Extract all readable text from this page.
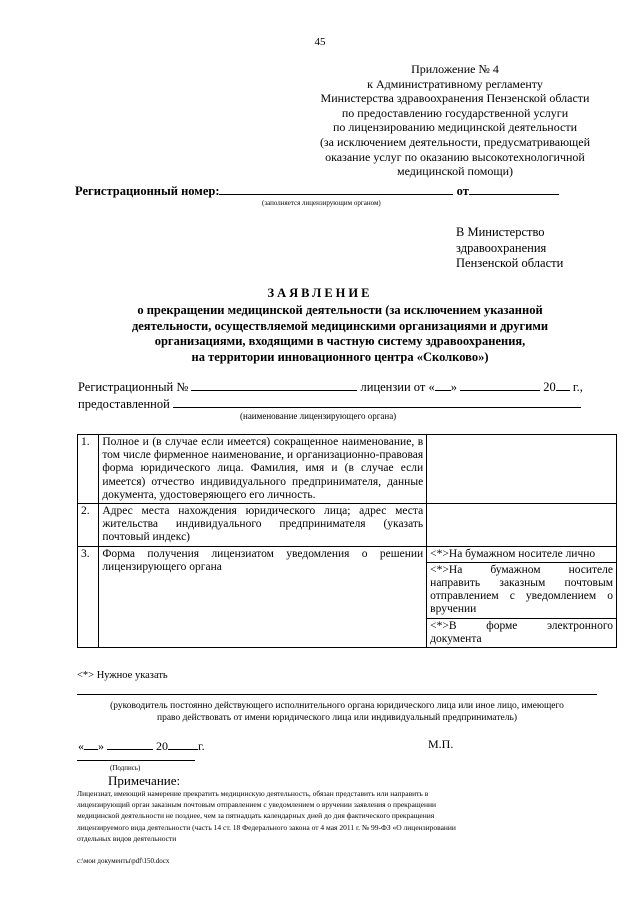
45
Приложение № 4
к Административному регламенту
Министерства здравоохранения Пензенской области
по предоставлению государственной услуги
по лицензированию медицинской деятельности
(за исключением деятельности, предусматривающей
оказание услуг по оказанию высокотехнологичной
медицинской помощи)
Регистрационный номер:	от
(заполняется лицензирующим органом)
В Министерство
здравоохранения
Пензенской области
ЗАЯВЛЕНИЕ
о прекращении медицинской деятельности (за исключением указанной
деятельности, осуществляемой медицинскими организациями и другими
организациями, входящими в частную систему здравоохранения,
на территории инновационного центра «Сколково»)
Регистрационный №	лицензии от « »	20 г.,
предоставленной
(наименование лицензирующего органа)
1.	Полное и (в случае если имеется) сокращенное наименование, в том числе фирменное наименование, и организационно-правовая форма юридического лица. Фамилия, имя и (в случае если имеется) отчество индивидуального предпринимателя, данные документа, удостоверяющего его личность.	
2.	Адрес места нахождения юридического лица; адрес места жительства индивидуального предпринимателя (указать почтовый индекс)	
3.	Форма получения лицензиатом уведомления о решении лицензирующего органа	<*>На бумажном носителе лично
<*>На бумажном носителе направить заказным почтовым отправлением с уведомлением о вручении
<*>В форме электронного документа
<*> Нужное указать
(руководитель постоянно действующего исполнительного органа юридического лица или иное лицо, имеющего
право действовать от имени юридического лица или индивидуальный предприниматель)
« »	20	г.	М.П.
(Подпись)
Примечание:
Лицензиат, имеющий намерение прекратить медицинскую деятельность, обязан представить или направить в
лицензирующий орган заказным почтовым отправлением с уведомлением о вручении заявления о прекращении
медицинской деятельности не позднее, чем за пятнадцать календарных дней до дня фактического прекращения
лицензируемого вида деятельности (часть 14 ст. 18 Федерального закона от 4 мая 2011 г. № 99-ФЗ «О лицензировании
отдельных видов деятельности
c:\мои документы\pdf\150.docx
